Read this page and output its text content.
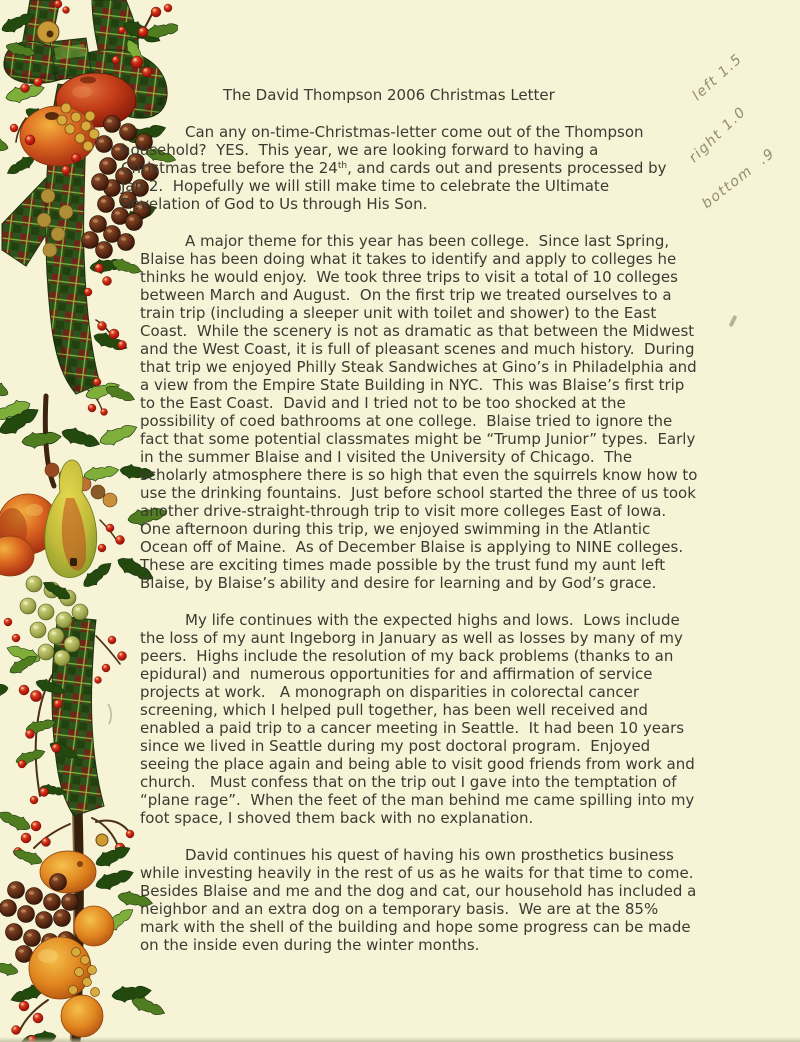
The David Thompson 2006 Christmas Letter
Can any on-time-Christmas-letter come out of the Thompson
household?  YES.  This year, we are looking forward to having a
Christmas tree before the 24th, and cards out and presents processed by
Jan 2.  Hopefully we will still make time to celebrate the Ultimate
Revelation of God to Us through His Son.
A major theme for this year has been college.  Since last Spring,
Blaise has been doing what it takes to identify and apply to colleges he
thinks he would enjoy.  We took three trips to visit a total of 10 colleges
between March and August.  On the first trip we treated ourselves to a
train trip (including a sleeper unit with toilet and shower) to the East
Coast.  While the scenery is not as dramatic as that between the Midwest
and the West Coast, it is full of pleasant scenes and much history.  During
that trip we enjoyed Philly Steak Sandwiches at Gino’s in Philadelphia and
a view from the Empire State Building in NYC.  This was Blaise’s first trip
to the East Coast.  David and I tried not to be too shocked at the
possibility of coed bathrooms at one college.  Blaise tried to ignore the
fact that some potential classmates might be “Trump Junior” types.  Early
in the summer Blaise and I visited the University of Chicago.  The
scholarly atmosphere there is so high that even the squirrels know how to
use the drinking fountains.  Just before school started the three of us took
another drive-straight-through trip to visit more colleges East of Iowa.
One afternoon during this trip, we enjoyed swimming in the Atlantic
Ocean off of Maine.  As of December Blaise is applying to NINE colleges.
These are exciting times made possible by the trust fund my aunt left
Blaise, by Blaise’s ability and desire for learning and by God’s grace.
My life continues with the expected highs and lows.  Lows include
the loss of my aunt Ingeborg in January as well as losses by many of my
peers.  Highs include the resolution of my back problems (thanks to an
epidural) and  numerous opportunities for and affirmation of service
projects at work.   A monograph on disparities in colorectal cancer
screening, which I helped pull together, has been well received and
enabled a paid trip to a cancer meeting in Seattle.  It had been 10 years
since we lived in Seattle during my post doctoral program.  Enjoyed
seeing the place again and being able to visit good friends from work and
church.   Must confess that on the trip out I gave into the temptation of
“plane rage”.  When the feet of the man behind me came spilling into my
foot space, I shoved them back with no explanation.
David continues his quest of having his own prosthetics business
while investing heavily in the rest of us as he waits for that time to come.
Besides Blaise and me and the dog and cat, our household has included a
neighbor and an extra dog on a temporary basis.  We are at the 85%
mark with the shell of the building and hope some progress can be made
on the inside even during the winter months.
left 1.5
right 1.0
bottom  .9
